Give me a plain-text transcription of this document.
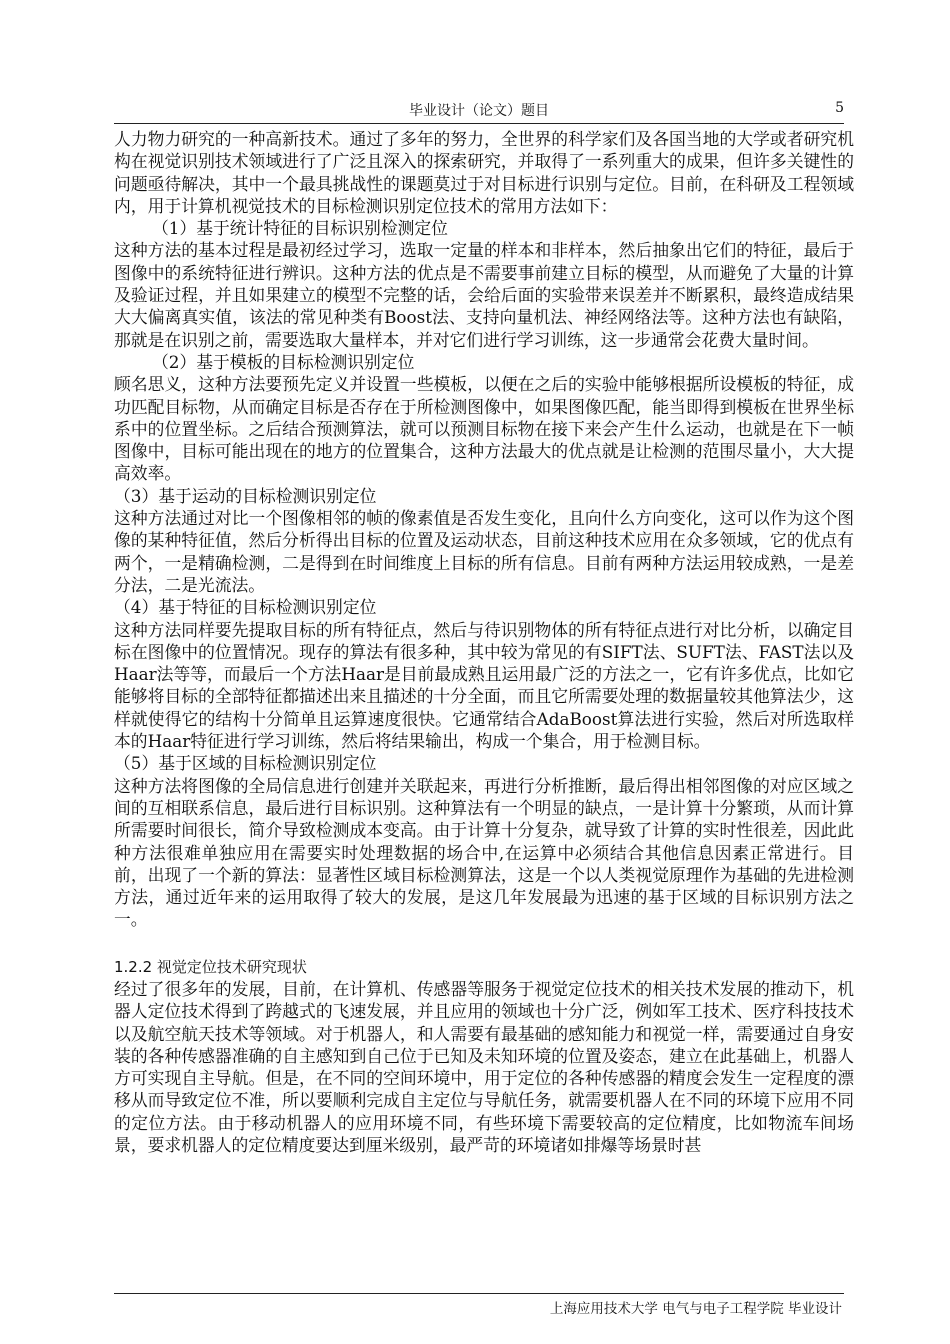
毕业设计（论文）题目	5

人力物力研究的一种高新技术。通过了多年的努力，全世界的科学家们及各国当地的大学或者研究机构在视觉识别技术领域进行了广泛且深入的探索研究，并取得了一系列重大的成果，但许多关键性的问题亟待解决，其中一个最具挑战性的课题莫过于对目标进行识别与定位。目前，在科研及工程领域内，用于计算机视觉技术的目标检测识别定位技术的常用方法如下：

（1）基于统计特征的目标识别检测定位

这种方法的基本过程是最初经过学习，选取一定量的样本和非样本，然后抽象出它们的特征，最后于图像中的系统特征进行辨识。这种方法的优点是不需要事前建立目标的模型，从而避免了大量的计算及验证过程，并且如果建立的模型不完整的话，会给后面的实验带来误差并不断累积，最终造成结果大大偏离真实值，该法的常见种类有Boost法、支持向量机法、神经网络法等。这种方法也有缺陷，那就是在识别之前，需要选取大量样本，并对它们进行学习训练，这一步通常会花费大量时间。

（2）基于模板的目标检测识别定位

顾名思义，这种方法要预先定义并设置一些模板，以便在之后的实验中能够根据所设模板的特征，成功匹配目标物，从而确定目标是否存在于所检测图像中，如果图像匹配，能当即得到模板在世界坐标系中的位置坐标。之后结合预测算法，就可以预测目标物在接下来会产生什么运动，也就是在下一帧图像中，目标可能出现在的地方的位置集合，这种方法最大的优点就是让检测的范围尽量小，大大提高效率。

（3）基于运动的目标检测识别定位

这种方法通过对比一个图像相邻的帧的像素值是否发生变化，且向什么方向变化，这可以作为这个图像的某种特征值，然后分析得出目标的位置及运动状态，目前这种技术应用在众多领域，它的优点有两个，一是精确检测，二是得到在时间维度上目标的所有信息。目前有两种方法运用较成熟，一是差分法，二是光流法。

（4）基于特征的目标检测识别定位

这种方法同样要先提取目标的所有特征点，然后与待识别物体的所有特征点进行对比分析，以确定目标在图像中的位置情况。现存的算法有很多种，其中较为常见的有SIFT法、SUFT法、FAST法以及Haar法等等，而最后一个方法Haar是目前最成熟且运用最广泛的方法之一，它有许多优点，比如它能够将目标的全部特征都描述出来且描述的十分全面，而且它所需要处理的数据量较其他算法少，这样就使得它的结构十分简单且运算速度很快。它通常结合AdaBoost算法进行实验，然后对所选取样本的Haar特征进行学习训练，然后将结果输出，构成一个集合，用于检测目标。

（5）基于区域的目标检测识别定位

这种方法将图像的全局信息进行创建并关联起来，再进行分析推断，最后得出相邻图像的对应区域之间的互相联系信息，最后进行目标识别。这种算法有一个明显的缺点，一是计算十分繁琐，从而计算所需要时间很长，简介导致检测成本变高。由于计算十分复杂，就导致了计算的实时性很差，因此此种方法很难单独应用在需要实时处理数据的场合中,在运算中必须结合其他信息因素正常进行。目前，出现了一个新的算法：显著性区域目标检测算法，这是一个以人类视觉原理作为基础的先进检测方法，通过近年来的运用取得了较大的发展，是这几年发展最为迅速的基于区域的目标识别方法之一。

1.2.2 视觉定位技术研究现状

经过了很多年的发展，目前，在计算机、传感器等服务于视觉定位技术的相关技术发展的推动下，机器人定位技术得到了跨越式的飞速发展，并且应用的领域也十分广泛，例如军工技术、医疗科技技术以及航空航天技术等领域。对于机器人，和人需要有最基础的感知能力和视觉一样，需要通过自身安装的各种传感器准确的自主感知到自己位于已知及未知环境的位置及姿态，建立在此基础上，机器人方可实现自主导航。但是，在不同的空间环境中，用于定位的各种传感器的精度会发生一定程度的漂移从而导致定位不准，所以要顺利完成自主定位与导航任务，就需要机器人在不同的环境下应用不同的定位方法。由于移动机器人的应用环境不同，有些环境下需要较高的定位精度，比如物流车间场景，要求机器人的定位精度要达到厘米级别，最严苛的环境诸如排爆等场景时甚

上海应用技术大学 电气与电子工程学院 毕业设计
